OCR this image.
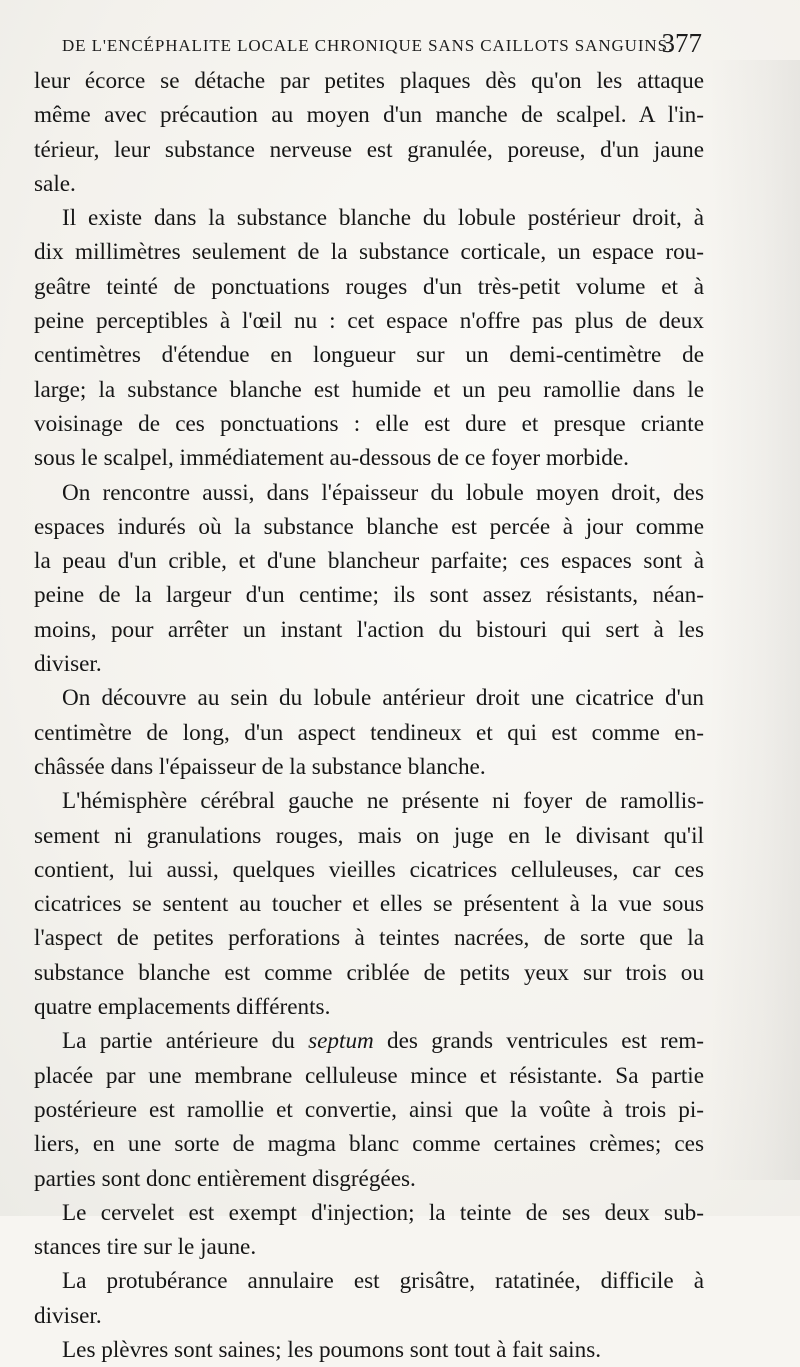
DE L'ENCÉPHALITE LOCALE CHRONIQUE SANS CAILLOTS SANGUINS.
377
leur écorce se détache par petites plaques dès qu'on les attaque
même avec précaution au moyen d'un manche de scalpel. A l'in-
térieur, leur substance nerveuse est granulée, poreuse, d'un jaune
sale.
Il existe dans la substance blanche du lobule postérieur droit, à
dix millimètres seulement de la substance corticale, un espace rou-
geâtre teinté de ponctuations rouges d'un très-petit volume et à
peine perceptibles à l'œil nu : cet espace n'offre pas plus de deux
centimètres d'étendue en longueur sur un demi-centimètre de
large; la substance blanche est humide et un peu ramollie dans le
voisinage de ces ponctuations : elle est dure et presque criante
sous le scalpel, immédiatement au-dessous de ce foyer morbide.
On rencontre aussi, dans l'épaisseur du lobule moyen droit, des
espaces indurés où la substance blanche est percée à jour comme
la peau d'un crible, et d'une blancheur parfaite; ces espaces sont à
peine de la largeur d'un centime; ils sont assez résistants, néan-
moins, pour arrêter un instant l'action du bistouri qui sert à les
diviser.
On découvre au sein du lobule antérieur droit une cicatrice d'un
centimètre de long, d'un aspect tendineux et qui est comme en-
châssée dans l'épaisseur de la substance blanche.
L'hémisphère cérébral gauche ne présente ni foyer de ramollis-
sement ni granulations rouges, mais on juge en le divisant qu'il
contient, lui aussi, quelques vieilles cicatrices celluleuses, car ces
cicatrices se sentent au toucher et elles se présentent à la vue sous
l'aspect de petites perforations à teintes nacrées, de sorte que la
substance blanche est comme criblée de petits yeux sur trois ou
quatre emplacements différents.
La partie antérieure du septum des grands ventricules est rem-
placée par une membrane celluleuse mince et résistante. Sa partie
postérieure est ramollie et convertie, ainsi que la voûte à trois pi-
liers, en une sorte de magma blanc comme certaines crèmes; ces
parties sont donc entièrement disgrégées.
Le cervelet est exempt d'injection; la teinte de ses deux sub-
stances tire sur le jaune.
La protubérance annulaire est grisâtre, ratatinée, difficile à
diviser.
Les plèvres sont saines; les poumons sont tout à fait sains.
